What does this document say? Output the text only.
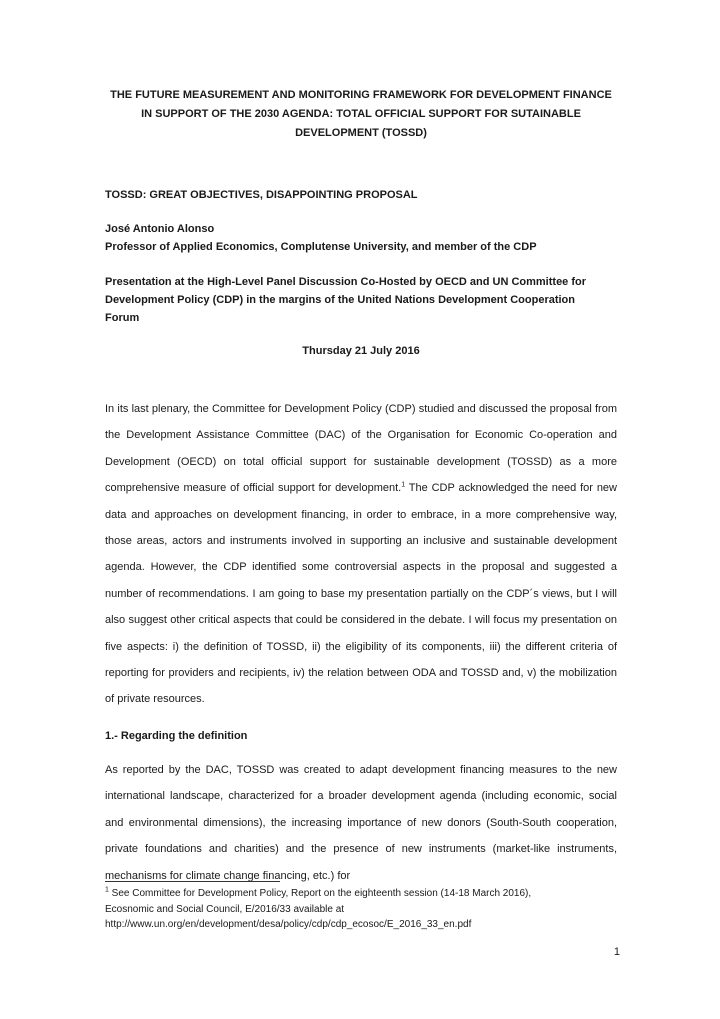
THE FUTURE MEASUREMENT AND MONITORING FRAMEWORK FOR DEVELOPMENT FINANCE
IN SUPPORT OF THE 2030 AGENDA: TOTAL OFFICIAL SUPPORT FOR SUTAINABLE
DEVELOPMENT (TOSSD)
TOSSD: GREAT OBJECTIVES, DISAPPOINTING PROPOSAL
José Antonio Alonso
Professor of Applied Economics, Complutense University, and member of the CDP
Presentation at the High-Level Panel Discussion Co-Hosted by OECD and UN Committee for
Development Policy (CDP) in the margins of the United Nations Development Cooperation
Forum
Thursday 21 July 2016

In its last plenary, the Committee for Development Policy (CDP) studied and discussed the proposal from the Development Assistance Committee (DAC) of the Organisation for Economic Co‑operation and Development (OECD) on total official support for sustainable development (TOSSD) as a more comprehensive measure of official support for development.$^1$ The CDP acknowledged the need for new data and approaches on development financing, in order to embrace, in a more comprehensive way, those areas, actors and instruments involved in supporting an inclusive and sustainable development agenda. However, the CDP identified some controversial aspects in the proposal and suggested a number of recommendations. I am going to base my presentation partially on the CDP´s views, but I will also suggest other critical aspects that could be considered in the debate. I will focus my presentation on five aspects: i) the definition of TOSSD, ii) the eligibility of its components, iii) the different criteria of reporting for providers and recipients, iv) the relation between ODA and TOSSD and, v) the mobilization of private resources.

1.- Regarding the definition

As reported by the DAC, TOSSD was created to adapt development financing measures to the new international landscape, characterized for a broader development agenda (including economic, social and environmental dimensions), the increasing importance of new donors (South-South cooperation, private foundations and charities) and the presence of new instruments (market-like instruments, mechanisms for climate change financing, etc.) for

$^1$ See Committee for Development Policy, Report on the eighteenth session (14-18 March 2016),
Ecosnomic and Social Council, E/2016/33 available at
http://www.un.org/en/development/desa/policy/cdp/cdp_ecosoc/E_2016_33_en.pdf
1
